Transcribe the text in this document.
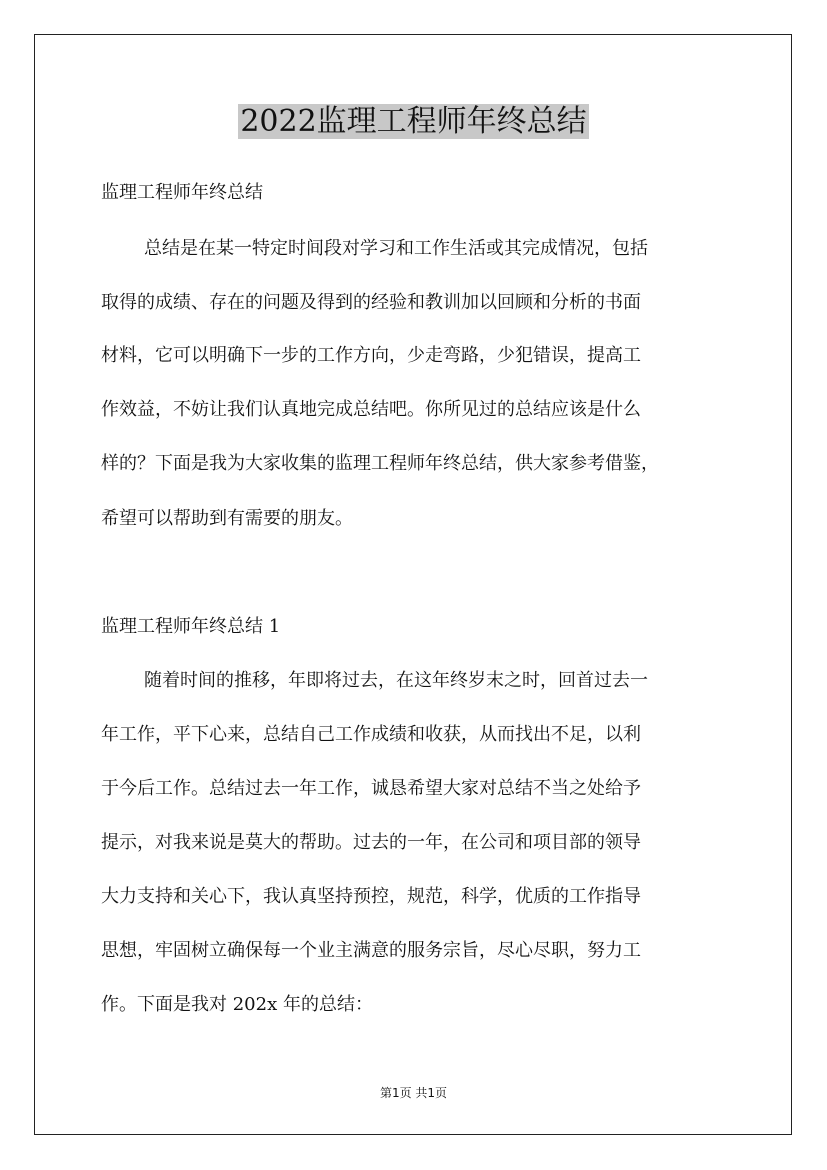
2022监理工程师年终总结
监理工程师年终总结

总结是在某一特定时间段对学习和工作生活或其完成情况，包括

取得的成绩、存在的问题及得到的经验和教训加以回顾和分析的书面

材料，它可以明确下一步的工作方向，少走弯路，少犯错误，提高工

作效益，不妨让我们认真地完成总结吧。你所见过的总结应该是什么

样的？下面是我为大家收集的监理工程师年终总结，供大家参考借鉴，

希望可以帮助到有需要的朋友。

监理工程师年终总结 1

随着时间的推移，年即将过去，在这年终岁末之时，回首过去一

年工作，平下心来，总结自己工作成绩和收获，从而找出不足，以利

于今后工作。总结过去一年工作，诚恳希望大家对总结不当之处给予

提示，对我来说是莫大的帮助。过去的一年，在公司和项目部的领导

大力支持和关心下，我认真坚持预控，规范，科学，优质的工作指导

思想，牢固树立确保每一个业主满意的服务宗旨，尽心尽职，努力工

作。下面是我对 202x 年的总结：

第1页 共1页
